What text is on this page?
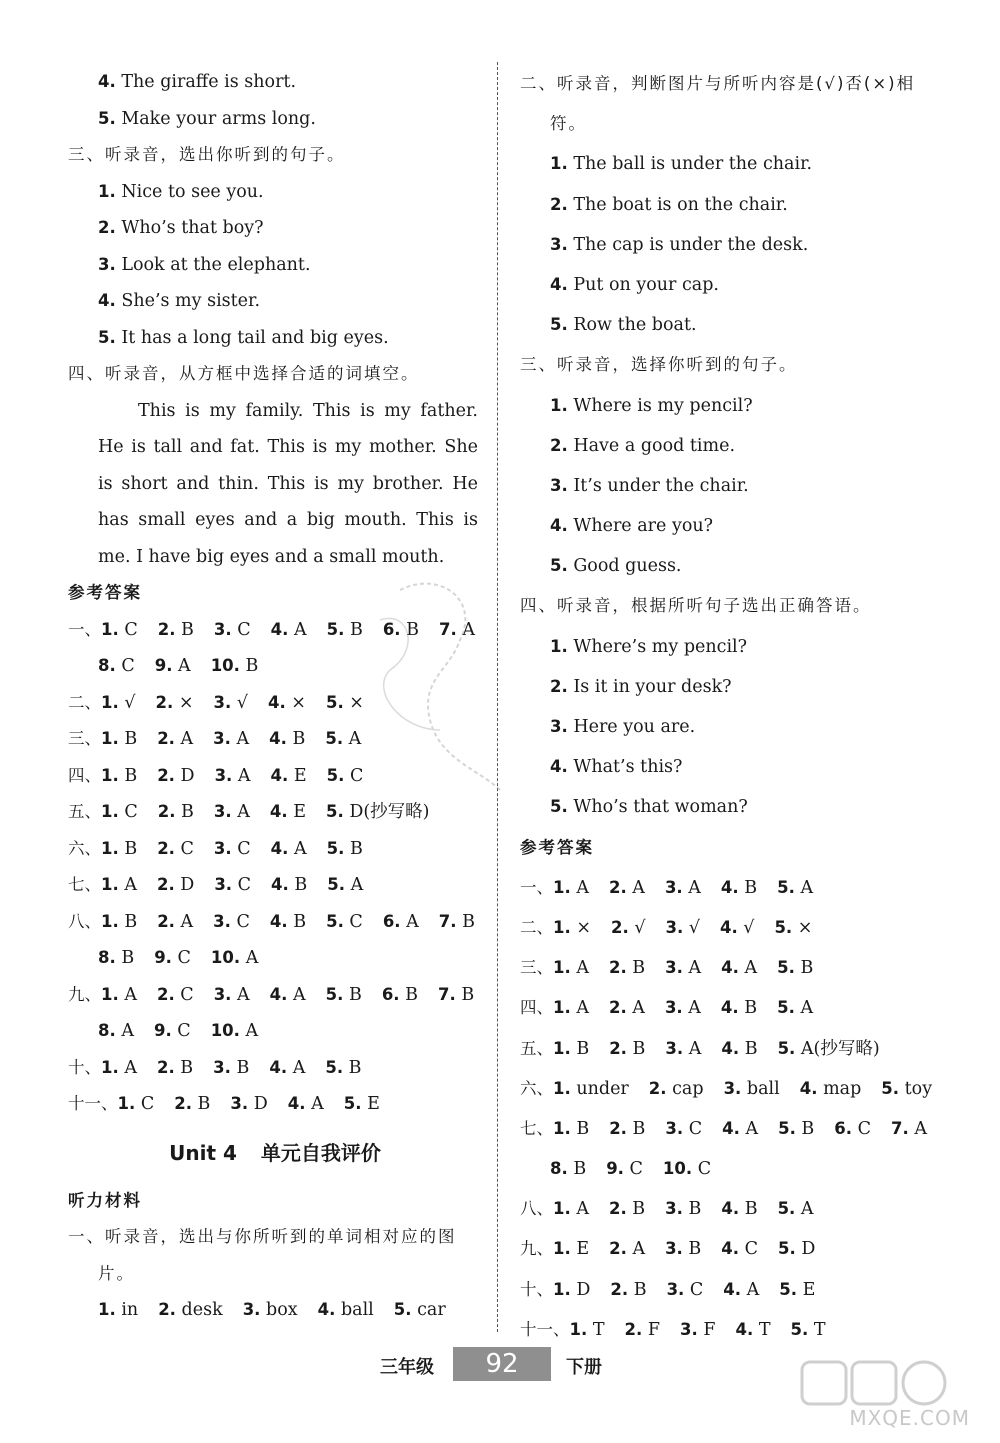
4. The giraffe is short.
5. Make your arms long.
三、听录音，选出你听到的句子。
1. Nice to see you.
2. Who’s that boy?
3. Look at the elephant.
4. She’s my sister.
5. It has a long tail and big eyes.
四、听录音，从方框中选择合适的词填空。
This is my family. This is my father. He is tall and fat. This is my mother. She is short and thin. This is my brother. He has small eyes and a big mouth. This is me. I have big eyes and a small mouth.
参考答案
一、1. C 2. B 3. C 4. A 5. B 6. B 7. A
8. C 9. A 10. B
二、1. √ 2. × 3. √ 4. × 5. ×
三、1. B 2. A 3. A 4. B 5. A
四、1. B 2. D 3. A 4. E 5. C
五、1. C 2. B 3. A 4. E 5. D(抄写略)
六、1. B 2. C 3. C 4. A 5. B
七、1. A 2. D 3. C 4. B 5. A
八、1. B 2. A 3. C 4. B 5. C 6. A 7. B
8. B 9. C 10. A
九、1. A 2. C 3. A 4. A 5. B 6. B 7. B
8. A 9. C 10. A
十、1. A 2. B 3. B 4. A 5. B
十一、1. C 2. B 3. D 4. A 5. E
Unit 4 单元自我评价
听力材料
一、听录音，选出与你所听到的单词相对应的图
片。
1. in 2. desk 3. box 4. ball 5. car
二、听录音，判断图片与所听内容是(√)否(×)相
符。
1. The ball is under the chair.
2. The boat is on the chair.
3. The cap is under the desk.
4. Put on your cap.
5. Row the boat.
三、听录音，选择你听到的句子。
1. Where is my pencil?
2. Have a good time.
3. It’s under the chair.
4. Where are you?
5. Good guess.
四、听录音，根据所听句子选出正确答语。
1. Where’s my pencil?
2. Is it in your desk?
3. Here you are.
4. What’s this?
5. Who’s that woman?
参考答案
一、1. A 2. A 3. A 4. B 5. A
二、1. × 2. √ 3. √ 4. √ 5. ×
三、1. A 2. B 3. A 4. A 5. B
四、1. A 2. A 3. A 4. B 5. A
五、1. B 2. B 3. A 4. B 5. A(抄写略)
六、1. under 2. cap 3. ball 4. map 5. toy
七、1. B 2. B 3. C 4. A 5. B 6. C 7. A
8. B 9. C 10. C
八、1. A 2. B 3. B 4. B 5. A
九、1. E 2. A 3. B 4. C 5. D
十、1. D 2. B 3. C 4. A 5. E
十一、1. T 2. F 3. F 4. T 5. T
三年级	92	下册
MXQE.COM
